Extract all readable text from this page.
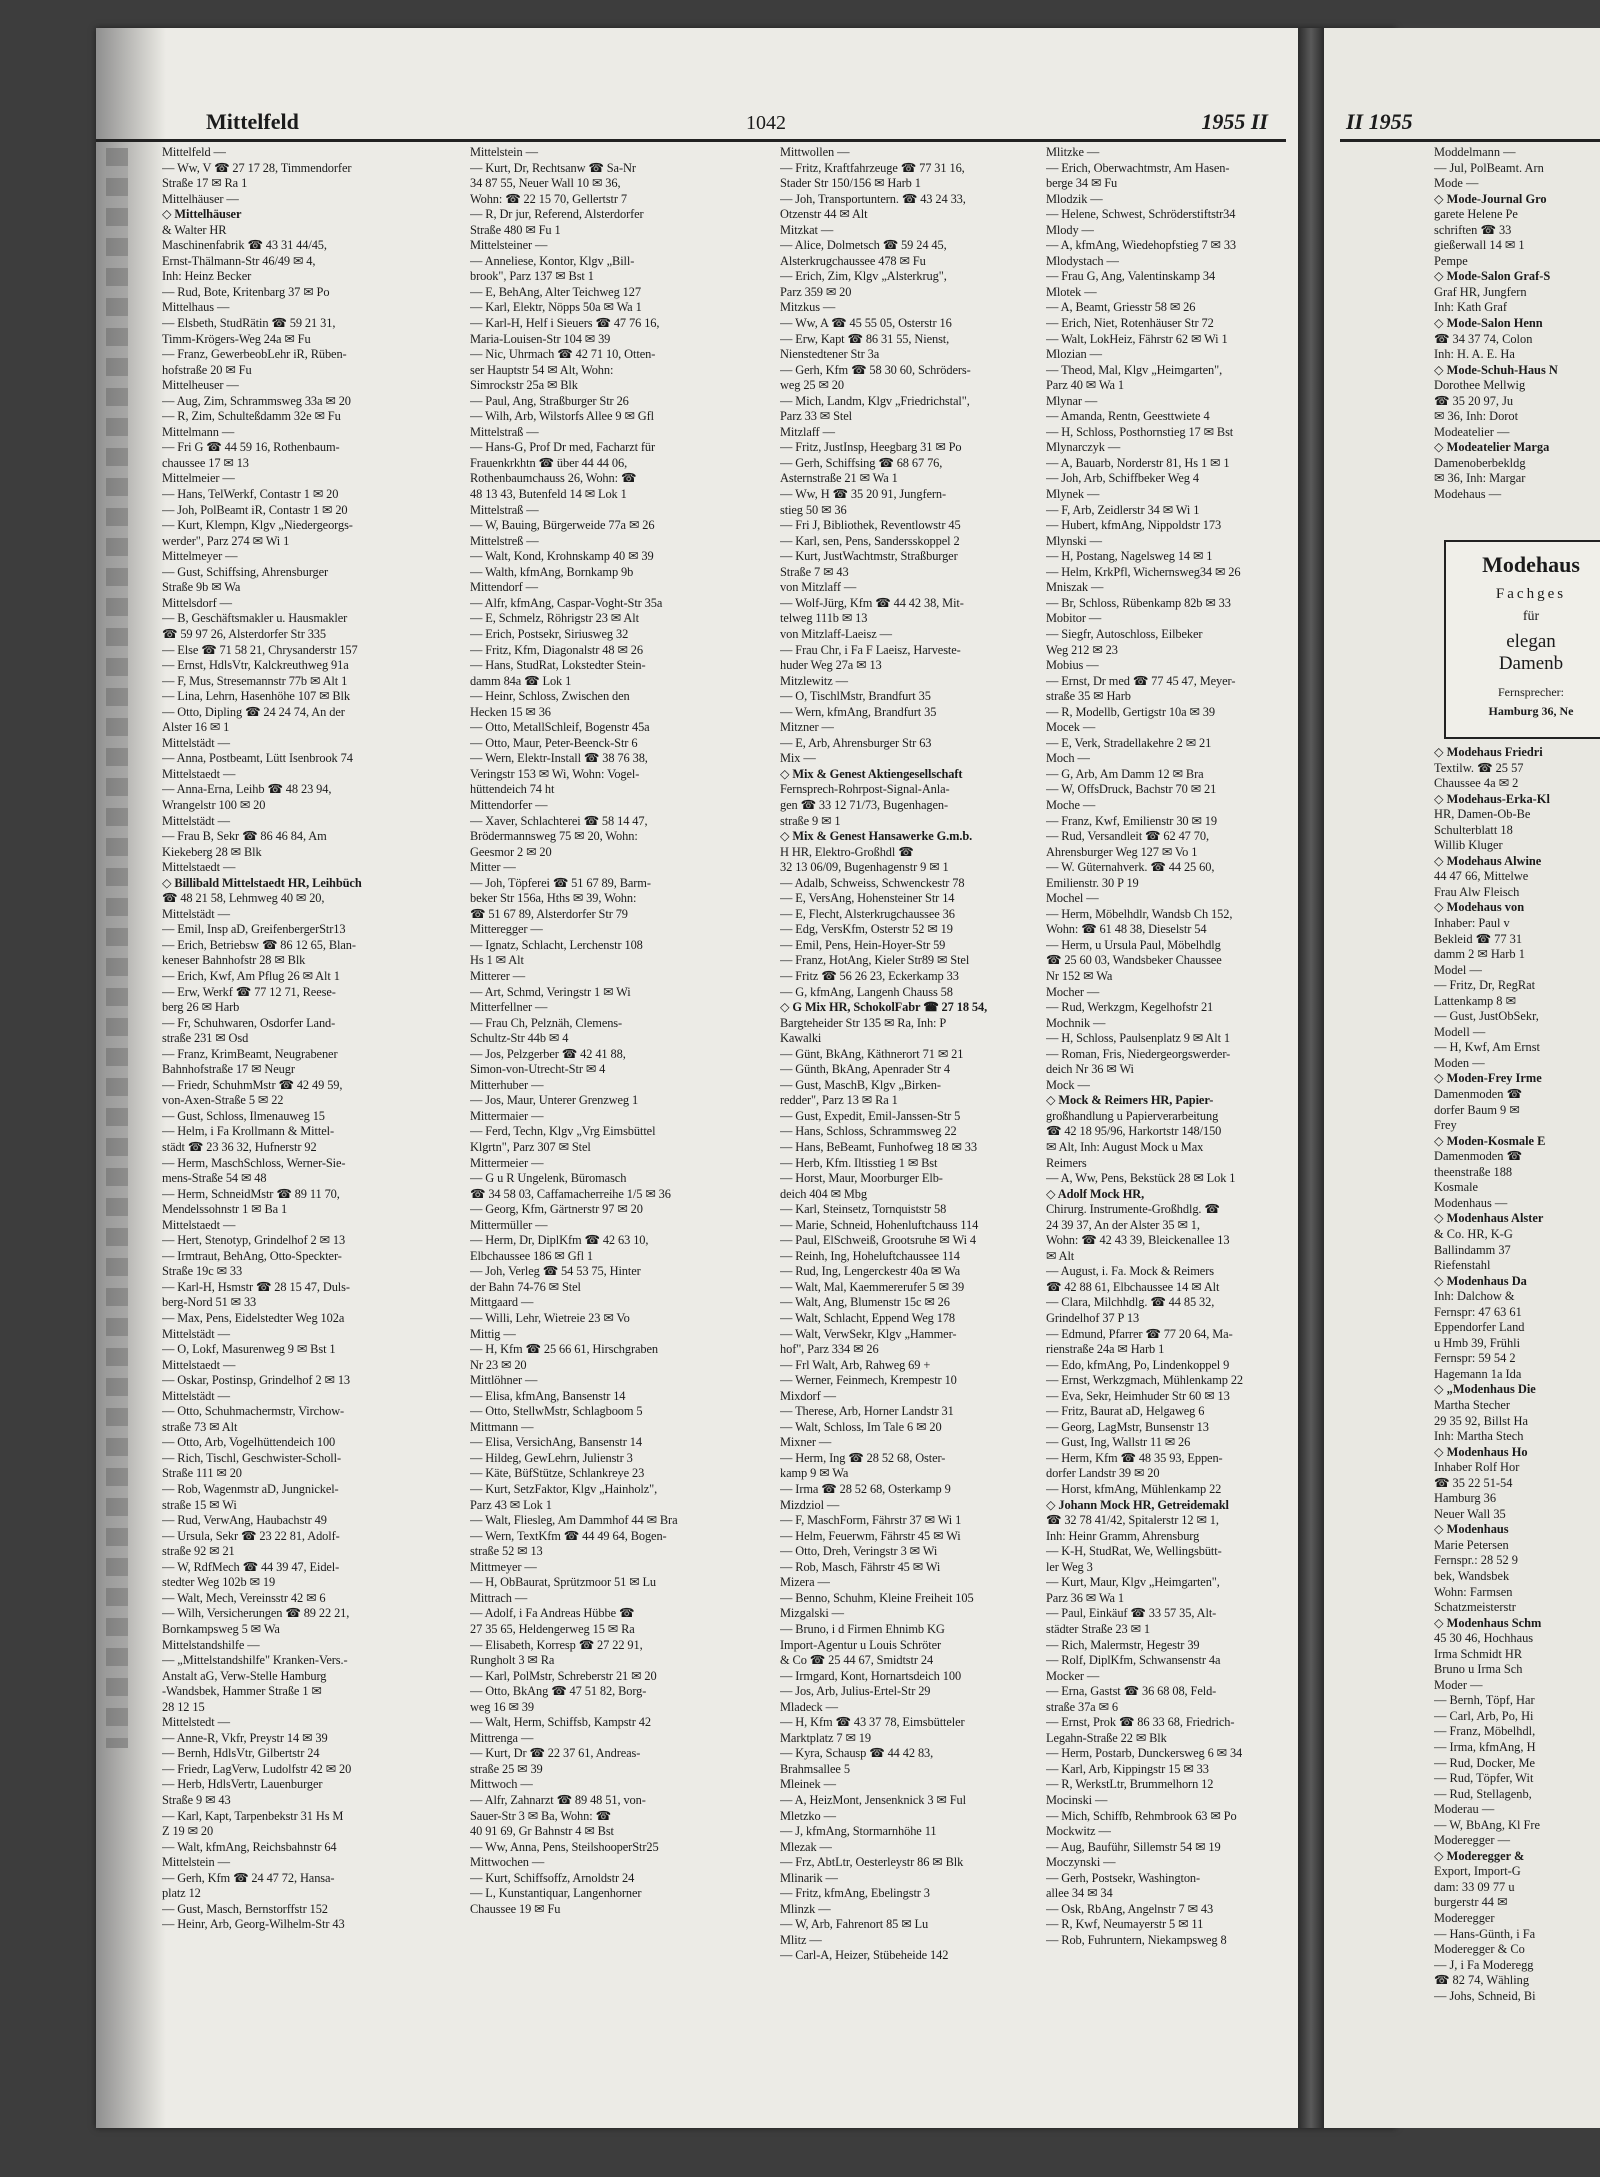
Mittelfeld	1042	1955 II
Mittelfeld —
— Ww, V ☎ 27 17 28, Timmendorfer
Straße 17 ✉ Ra 1
Mittelhäuser —
◇ Mittelhäuser
& Walter HR
Maschinenfabrik ☎ 43 31 44/45,
Ernst-Thälmann-Str 46/49 ✉ 4,
Inh: Heinz Becker
— Rud, Bote, Kritenbarg 37 ✉ Po
Mittelhaus —
— Elsbeth, StudRätin ☎ 59 21 31,
Timm-Krögers-Weg 24a ✉ Fu
— Franz, GewerbeobLehr iR, Rüben-
hofstraße 20 ✉ Fu
Mittelheuser —
— Aug, Zim, Schrammsweg 33a ✉ 20
— R, Zim, Schulteßdamm 32e ✉ Fu
Mittelmann —
— Fri G ☎ 44 59 16, Rothenbaum-
chaussee 17 ✉ 13
Mittelmeier —
— Hans, TelWerkf, Contastr 1 ✉ 20
— Joh, PolBeamt iR, Contastr 1 ✉ 20
— Kurt, Klempn, Klgv „Niedergeorgs-
werder", Parz 274 ✉ Wi 1
Mittelmeyer —
— Gust, Schiffsing, Ahrensburger
Straße 9b ✉ Wa
Mittelsdorf —
— B, Geschäftsmakler u. Hausmakler
☎ 59 97 26, Alsterdorfer Str 335
— Else ☎ 71 58 21, Chrysanderstr 157
— Ernst, HdlsVtr, Kalckreuthweg 91a
— F, Mus, Stresemannstr 77b ✉ Alt 1
— Lina, Lehrn, Hasenhöhe 107 ✉ Blk
— Otto, Dipling ☎ 24 24 74, An der
Alster 16 ✉ 1
Mittelstädt —
— Anna, Postbeamt, Lütt Isenbrook 74
Mittelstaedt —
— Anna-Erna, Leihb ☎ 48 23 94,
Wrangelstr 100 ✉ 20
Mittelstädt —
— Frau B, Sekr ☎ 86 46 84, Am
Kiekeberg 28 ✉ Blk
Mittelstaedt —
◇ Billibald Mittelstaedt HR, Leihbüch
☎ 48 21 58, Lehmweg 40 ✉ 20,
Mittelstädt —
— Emil, Insp aD, GreifenbergerStr13
— Erich, Betriebsw ☎ 86 12 65, Blan-
keneser Bahnhofstr 28 ✉ Blk
— Erich, Kwf, Am Pflug 26 ✉ Alt 1
— Erw, Werkf ☎ 77 12 71, Reese-
berg 26 ✉ Harb
— Fr, Schuhwaren, Osdorfer Land-
straße 231 ✉ Osd
— Franz, KrimBeamt, Neugrabener
Bahnhofstraße 17 ✉ Neugr
— Friedr, SchuhmMstr ☎ 42 49 59,
von-Axen-Straße 5 ✉ 22
— Gust, Schloss, Ilmenauweg 15
— Helm, i Fa Krollmann & Mittel-
städt ☎ 23 36 32, Hufnerstr 92
— Herm, MaschSchloss, Werner-Sie-
mens-Straße 54 ✉ 48
— Herm, SchneidMstr ☎ 89 11 70,
Mendelssohnstr 1 ✉ Ba 1
Mittelstaedt —
— Hert, Stenotyp, Grindelhof 2 ✉ 13
— Irmtraut, BehAng, Otto-Speckter-
Straße 19c ✉ 33
— Karl-H, Hsmstr ☎ 28 15 47, Duls-
berg-Nord 51 ✉ 33
— Max, Pens, Eidelstedter Weg 102a
Mittelstädt —
— O, Lokf, Masurenweg 9 ✉ Bst 1
Mittelstaedt —
— Oskar, Postinsp, Grindelhof 2 ✉ 13
Mittelstädt —
— Otto, Schuhmachermstr, Virchow-
straße 73 ✉ Alt
— Otto, Arb, Vogelhüttendeich 100
— Rich, Tischl, Geschwister-Scholl-
Straße 111 ✉ 20
— Rob, Wagenmstr aD, Jungnickel-
straße 15 ✉ Wi
— Rud, VerwAng, Haubachstr 49
— Ursula, Sekr ☎ 23 22 81, Adolf-
straße 92 ✉ 21
— W, RdfMech ☎ 44 39 47, Eidel-
stedter Weg 102b ✉ 19
— Walt, Mech, Vereinsstr 42 ✉ 6
— Wilh, Versicherungen ☎ 89 22 21,
Bornkampsweg 5 ✉ Wa
Mittelstandshilfe —
— „Mittelstandshilfe" Kranken-Vers.-
Anstalt aG, Verw-Stelle Hamburg
-Wandsbek, Hammer Straße 1 ✉
28 12 15
Mittelstedt —
— Anne-R, Vkfr, Preystr 14 ✉ 39
— Bernh, HdlsVtr, Gilbertstr 24
— Friedr, LagVerw, Ludolfstr 42 ✉ 20
— Herb, HdlsVertr, Lauenburger
Straße 9 ✉ 43
— Karl, Kapt, Tarpenbekstr 31 Hs M
Z 19 ✉ 20
— Walt, kfmAng, Reichsbahnstr 64
Mittelstein —
— Gerh, Kfm ☎ 24 47 72, Hansa-
platz 12
— Gust, Masch, Bernstorffstr 152
— Heinr, Arb, Georg-Wilhelm-Str 43
Mittelstein —
— Kurt, Dr, Rechtsanw ☎ Sa-Nr
34 87 55, Neuer Wall 10 ✉ 36,
Wohn: ☎ 22 15 70, Gellertstr 7
— R, Dr jur, Referend, Alsterdorfer
Straße 480 ✉ Fu 1
Mittelsteiner —
— Anneliese, Kontor, Klgv „Bill-
brook", Parz 137 ✉ Bst 1
— E, BehAng, Alter Teichweg 127
— Karl, Elektr, Nöpps 50a ✉ Wa 1
— Karl-H, Helf i Sieuers ☎ 47 76 16,
Maria-Louisen-Str 104 ✉ 39
— Nic, Uhrmach ☎ 42 71 10, Otten-
ser Hauptstr 54 ✉ Alt, Wohn:
Simrockstr 25a ✉ Blk
— Paul, Ang, Straßburger Str 26
— Wilh, Arb, Wilstorfs Allee 9 ✉ Gfl
Mittelstraß —
— Hans-G, Prof Dr med, Facharzt für
Frauenkrkhtn ☎ über 44 44 06,
Rothenbaumchauss 26, Wohn: ☎
48 13 43, Butenfeld 14 ✉ Lok 1
Mittelstraß —
— W, Bauing, Bürgerweide 77a ✉ 26
Mittelstreß —
— Walt, Kond, Krohnskamp 40 ✉ 39
— Walth, kfmAng, Bornkamp 9b
Mittendorf —
— Alfr, kfmAng, Caspar-Voght-Str 35a
— E, Schmelz, Röhrigstr 23 ✉ Alt
— Erich, Postsekr, Siriusweg 32
— Fritz, Kfm, Diagonalstr 48 ✉ 26
— Hans, StudRat, Lokstedter Stein-
damm 84a ☎ Lok 1
— Heinr, Schloss, Zwischen den
Hecken 15 ✉ 36
— Otto, MetallSchleif, Bogenstr 45a
— Otto, Maur, Peter-Beenck-Str 6
— Wern, Elektr-Install ☎ 38 76 38,
Veringstr 153 ✉ Wi, Wohn: Vogel-
hüttendeich 74 ht
Mittendorfer —
— Xaver, Schlachterei ☎ 58 14 47,
Brödermannsweg 75 ✉ 20, Wohn:
Geesmor 2 ✉ 20
Mitter —
— Joh, Töpferei ☎ 51 67 89, Barm-
beker Str 156a, Hths ✉ 39, Wohn:
☎ 51 67 89, Alsterdorfer Str 79
Mitteregger —
— Ignatz, Schlacht, Lerchenstr 108
Hs 1 ✉ Alt
Mitterer —
— Art, Schmd, Veringstr 1 ✉ Wi
Mitterfellner —
— Frau Ch, Pelznäh, Clemens-
Schultz-Str 44b ✉ 4
— Jos, Pelzgerber ☎ 42 41 88,
Simon-von-Utrecht-Str ✉ 4
Mitterhuber —
— Jos, Maur, Unterer Grenzweg 1
Mittermaier —
— Ferd, Techn, Klgv „Vrg Eimsbüttel
Klgrtn", Parz 307 ✉ Stel
Mittermeier —
— G u R Ungelenk, Büromasch
☎ 34 58 03, Caffamacherreihe 1/5 ✉ 36
— Georg, Kfm, Gärtnerstr 97 ✉ 20
Mittermüller —
— Herm, Dr, DiplKfm ☎ 42 63 10,
Elbchaussee 186 ✉ Gfl 1
— Joh, Verleg ☎ 54 53 75, Hinter
der Bahn 74-76 ✉ Stel
Mittgaard —
— Willi, Lehr, Wietreie 23 ✉ Vo
Mittig —
— H, Kfm ☎ 25 66 61, Hirschgraben
Nr 23 ✉ 20
Mittlöhner —
— Elisa, kfmAng, Bansenstr 14
— Otto, StellwMstr, Schlagboom 5
Mittmann —
— Elisa, VersichAng, Bansenstr 14
— Hildeg, GewLehrn, Julienstr 3
— Käte, BüfStütze, Schlankreye 23
— Kurt, SetzFaktor, Klgv „Hainholz",
Parz 43 ✉ Lok 1
— Walt, Fliesleg, Am Dammhof 44 ✉ Bra
— Wern, TextKfm ☎ 44 49 64, Bogen-
straße 52 ✉ 13
Mittmeyer —
— H, ObBaurat, Sprützmoor 51 ✉ Lu
Mittrach —
— Adolf, i Fa Andreas Hübbe ☎
27 35 65, Heldengerweg 15 ✉ Ra
— Elisabeth, Korresp ☎ 27 22 91,
Rungholt 3 ✉ Ra
— Karl, PolMstr, Schreberstr 21 ✉ 20
— Otto, BkAng ☎ 47 51 82, Borg-
weg 16 ✉ 39
— Walt, Herm, Schiffsb, Kampstr 42
Mittrenga —
— Kurt, Dr ☎ 22 37 61, Andreas-
straße 25 ✉ 39
Mittwoch —
— Alfr, Zahnarzt ☎ 89 48 51, von-
Sauer-Str 3 ✉ Ba, Wohn: ☎
40 91 69, Gr Bahnstr 4 ✉ Bst
— Ww, Anna, Pens, SteilshooperStr25
Mittwochen —
— Kurt, Schiffsoffz, Arnoldstr 24
— L, Kunstantiquar, Langenhorner
Chaussee 19 ✉ Fu
Mittwollen —
— Fritz, Kraftfahrzeuge ☎ 77 31 16,
Stader Str 150/156 ✉ Harb 1
— Joh, Transportuntern. ☎ 43 24 33,
Otzenstr 44 ✉ Alt
Mitzkat —
— Alice, Dolmetsch ☎ 59 24 45,
Alsterkrugchaussee 478 ✉ Fu
— Erich, Zim, Klgv „Alsterkrug",
Parz 359 ✉ 20
Mitzkus —
— Ww, A ☎ 45 55 05, Osterstr 16
— Erw, Kapt ☎ 86 31 55, Nienst,
Nienstedtener Str 3a
— Gerh, Kfm ☎ 58 30 60, Schröders-
weg 25 ✉ 20
— Mich, Landm, Klgv „Friedrichstal",
Parz 33 ✉ Stel
Mitzlaff —
— Fritz, JustInsp, Heegbarg 31 ✉ Po
— Gerh, Schiffsing ☎ 68 67 76,
Asternstraße 21 ✉ Wa 1
— Ww, H ☎ 35 20 91, Jungfern-
stieg 50 ✉ 36
— Fri J, Bibliothek, Reventlowstr 45
— Karl, sen, Pens, Sandersskoppel 2
— Kurt, JustWachtmstr, Straßburger
Straße 7 ✉ 43
von Mitzlaff —
— Wolf-Jürg, Kfm ☎ 44 42 38, Mit-
telweg 111b ✉ 13
von Mitzlaff-Laeisz —
— Frau Chr, i Fa F Laeisz, Harveste-
huder Weg 27a ✉ 13
Mitzlewitz —
— O, TischlMstr, Brandfurt 35
— Wern, kfmAng, Brandfurt 35
Mitzner —
— E, Arb, Ahrensburger Str 63
Mix —
◇ Mix & Genest Aktiengesellschaft
Fernsprech-Rohrpost-Signal-Anla-
gen ☎ 33 12 71/73, Bugenhagen-
straße 9 ✉ 1
◇ Mix & Genest Hansawerke G.m.b.
H HR, Elektro-Großhdl ☎
32 13 06/09, Bugenhagenstr 9 ✉ 1
— Adalb, Schweiss, Schwenckestr 78
— E, VersAng, Hohensteiner Str 14
— E, Flecht, Alsterkrugchaussee 36
— Edg, VersKfm, Osterstr 52 ✉ 19
— Emil, Pens, Hein-Hoyer-Str 59
— Franz, HotAng, Kieler Str89 ✉ Stel
— Fritz ☎ 56 26 23, Eckerkamp 33
— G, kfmAng, Langenh Chauss 58
◇ G Mix HR, SchokolFabr ☎ 27 18 54,
Bargteheider Str 135 ✉ Ra, Inh: P
Kawalki
— Günt, BkAng, Käthnerort 71 ✉ 21
— Günth, BkAng, Apenrader Str 4
— Gust, MaschB, Klgv „Birken-
redder", Parz 13 ✉ Ra 1
— Gust, Expedit, Emil-Janssen-Str 5
— Hans, Schloss, Schrammsweg 22
— Hans, BeBeamt, Funhofweg 18 ✉ 33
— Herb, Kfm. Iltisstieg 1 ✉ Bst
— Horst, Maur, Moorburger Elb-
deich 404 ✉ Mbg
— Karl, Steinsetz, Tornquiststr 58
— Marie, Schneid, Hohenluftchauss 114
— Paul, ElSchweiß, Grootsruhe ✉ Wi 4
— Reinh, Ing, Hoheluftchaussee 114
— Rud, Ing, Lengerckestr 40a ✉ Wa
— Walt, Mal, Kaemmererufer 5 ✉ 39
— Walt, Ang, Blumenstr 15c ✉ 26
— Walt, Schlacht, Eppend Weg 178
— Walt, VerwSekr, Klgv „Hammer-
hof", Parz 334 ✉ 26
— Frl Walt, Arb, Rahweg 69 +
— Werner, Feinmech, Krempestr 10
Mixdorf —
— Therese, Arb, Horner Landstr 31
— Walt, Schloss, Im Tale 6 ✉ 20
Mixner —
— Herm, Ing ☎ 28 52 68, Oster-
kamp 9 ✉ Wa
— Irma ☎ 28 52 68, Osterkamp 9
Mizdziol —
— F, MaschForm, Fährstr 37 ✉ Wi 1
— Helm, Feuerwm, Fährstr 45 ✉ Wi
— Otto, Dreh, Veringstr 3 ✉ Wi
— Rob, Masch, Fährstr 45 ✉ Wi
Mizera —
— Benno, Schuhm, Kleine Freiheit 105
Mizgalski —
— Bruno, i d Firmen Ehnimb KG
Import-Agentur u Louis Schröter
& Co ☎ 25 44 67, Smidtstr 24
— Irmgard, Kont, Hornartsdeich 100
— Jos, Arb, Julius-Ertel-Str 29
Mladeck —
— H, Kfm ☎ 43 37 78, Eimsbütteler
Marktplatz 7 ✉ 19
— Kyra, Schausp ☎ 44 42 83,
Brahmsallee 5
Mleinek —
— A, HeizMont, Jensenknick 3 ✉ Ful
Mletzko —
— J, kfmAng, Stormarnhöhe 11
Mlezak —
— Frz, AbtLtr, Oesterleystr 86 ✉ Blk
Mlinarik —
— Fritz, kfmAng, Ebelingstr 3
Mlinzk —
— W, Arb, Fahrenort 85 ✉ Lu
Mlitz —
— Carl-A, Heizer, Stübeheide 142
Mlitzke —
— Erich, Oberwachtmstr, Am Hasen-
berge 34 ✉ Fu
Mlodzik —
— Helene, Schwest, Schröderstiftstr34
Mlody —
— A, kfmAng, Wiedehopfstieg 7 ✉ 33
Mlodystach —
— Frau G, Ang, Valentinskamp 34
Mlotek —
— A, Beamt, Griesstr 58 ✉ 26
— Erich, Niet, Rotenhäuser Str 72
— Walt, LokHeiz, Fährstr 62 ✉ Wi 1
Mlozian —
— Theod, Mal, Klgv „Heimgarten",
Parz 40 ✉ Wa 1
Mlynar —
— Amanda, Rentn, Geesttwiete 4
— H, Schloss, Posthornstieg 17 ✉ Bst
Mlynarczyk —
— A, Bauarb, Norderstr 81, Hs 1 ✉ 1
— Joh, Arb, Schiffbeker Weg 4
Mlynek —
— F, Arb, Zeidlerstr 34 ✉ Wi 1
— Hubert, kfmAng, Nippoldstr 173
Mlynski —
— H, Postang, Nagelsweg 14 ✉ 1
— Helm, KrkPfl, Wichernsweg34 ✉ 26
Mniszak —
— Br, Schloss, Rübenkamp 82b ✉ 33
Mobitor —
— Siegfr, Autoschloss, Eilbeker
Weg 212 ✉ 23
Mobius —
— Ernst, Dr med ☎ 77 45 47, Meyer-
straße 35 ✉ Harb
— R, Modellb, Gertigstr 10a ✉ 39
Mocek —
— E, Verk, Stradellakehre 2 ✉ 21
Moch —
— G, Arb, Am Damm 12 ✉ Bra
— W, OffsDruck, Bachstr 70 ✉ 21
Moche —
— Franz, Kwf, Emilienstr 30 ✉ 19
— Rud, Versandleit ☎ 62 47 70,
Ahrensburger Weg 127 ✉ Vo 1
— W. Güternahverk. ☎ 44 25 60,
Emilienstr. 30 P 19
Mochel —
— Herm, Möbelhdlr, Wandsb Ch 152,
Wohn: ☎ 61 48 38, Dieselstr 54
— Herm, u Ursula Paul, Möbelhdlg
☎ 25 60 03, Wandsbeker Chaussee
Nr 152 ✉ Wa
Mocher —
— Rud, Werkzgm, Kegelhofstr 21
Mochnik —
— H, Schloss, Paulsenplatz 9 ✉ Alt 1
— Roman, Fris, Niedergeorgswerder-
deich Nr 36 ✉ Wi
Mock —
◇ Mock & Reimers HR, Papier-
großhandlung u Papierverarbeitung
☎ 42 18 95/96, Harkortstr 148/150
✉ Alt, Inh: August Mock u Max
Reimers
— A, Ww, Pens, Bekstück 28 ✉ Lok 1
◇ Adolf Mock HR,
Chirurg. Instrumente-Großhdlg. ☎
24 39 37, An der Alster 35 ✉ 1,
Wohn: ☎ 42 43 39, Bleickenallee 13
✉ Alt
— August, i. Fa. Mock & Reimers
☎ 42 88 61, Elbchaussee 14 ✉ Alt
— Clara, Milchhdlg. ☎ 44 85 32,
Grindelhof 37 P 13
— Edmund, Pfarrer ☎ 77 20 64, Ma-
rienstraße 24a ✉ Harb 1
— Edo, kfmAng, Po, Lindenkoppel 9
— Ernst, Werkzgmach, Mühlenkamp 22
— Eva, Sekr, Heimhuder Str 60 ✉ 13
— Fritz, Baurat aD, Helgaweg 6
— Georg, LagMstr, Bunsenstr 13
— Gust, Ing, Wallstr 11 ✉ 26
— Herm, Kfm ☎ 48 35 93, Eppen-
dorfer Landstr 39 ✉ 20
— Horst, kfmAng, Mühlenkamp 22
◇ Johann Mock HR, Getreidemakl
☎ 32 78 41/42, Spitalerstr 12 ✉ 1,
Inh: Heinr Gramm, Ahrensburg
— K-H, StudRat, We, Wellingsbütt-
ler Weg 3
— Kurt, Maur, Klgv „Heimgarten",
Parz 36 ✉ Wa 1
— Paul, Einkäuf ☎ 33 57 35, Alt-
städter Straße 23 ✉ 1
— Rich, Malermstr, Hegestr 39
— Rolf, DiplKfm, Schwansenstr 4a
Mocker —
— Erna, Gastst ☎ 36 68 08, Feld-
straße 37a ✉ 6
— Ernst, Prok ☎ 86 33 68, Friedrich-
Legahn-Straße 22 ✉ Blk
— Herm, Postarb, Dunckersweg 6 ✉ 34
— Karl, Arb, Kippingstr 15 ✉ 33
— R, WerkstLtr, Brummelhorn 12
Mocinski —
— Mich, Schiffb, Rehmbrook 63 ✉ Po
Mockwitz —
— Aug, Bauführ, Sillemstr 54 ✉ 19
Moczynski —
— Gerh, Postsekr, Washington-
allee 34 ✉ 34
— Osk, RbAng, Angelnstr 7 ✉ 43
— R, Kwf, Neumayerstr 5 ✉ 11
— Rob, Fuhruntern, Niekampsweg 8
II 1955
Moddelmann —
— Jul, PolBeamt. Arn
Mode —
◇ Mode-Journal Gro
garete Helene Pe
schriften ☎ 33
gießerwall 14 ✉ 1
Pempe
◇ Mode-Salon Graf-S
Graf HR, Jungfern
Inh: Kath Graf
◇ Mode-Salon Henn
☎ 34 37 74, Colon
Inh: H. A. E. Ha
◇ Mode-Schuh-Haus N
Dorothee Mellwig
☎ 35 20 97, Ju
✉ 36, Inh: Dorot
Modeatelier —
◇ Modeatelier Marga
Damenoberbekldg
✉ 36, Inh: Margar
Modehaus —
Modehaus
Fachges
für
elegan
Damenb
Fernsprecher:
Hamburg 36, Ne
◇ Modehaus Friedri
Textilw. ☎ 25 57
Chaussee 4a ✉ 2
◇ Modehaus-Erka-Kl
HR, Damen-Ob-Be
Schulterblatt 18
Willib Kluger
◇ Modehaus Alwine
44 47 66, Mittelwe
Frau Alw Fleisch
◇ Modehaus von
Inhaber: Paul v
Bekleid ☎ 77 31
damm 2 ✉ Harb 1
Model —
— Fritz, Dr, RegRat
Lattenkamp 8 ✉
— Gust, JustObSekr,
Modell —
— H, Kwf, Am Ernst
Moden —
◇ Moden-Frey Irme
Damenmoden ☎
dorfer Baum 9 ✉
Frey
◇ Moden-Kosmale E
Damenmoden ☎
theenstraße 188
Kosmale
Modenhaus —
◇ Modenhaus Alster
& Co. HR, K-G
Ballindamm 37
Riefenstahl
◇ Modenhaus Da
Inh: Dalchow &
Fernspr: 47 63 61
Eppendorfer Land
u Hmb 39, Frühli
Fernspr: 59 54 2
Hagemann 1a Ida
◇ „Modenhaus Die
Martha Stecher
29 35 92, Billst Ha
Inh: Martha Stech
◇ Modenhaus Ho
Inhaber Rolf Hor
☎ 35 22 51-54
Hamburg 36
Neuer Wall 35
◇ Modenhaus
Marie Petersen
Fernspr.: 28 52 9
bek, Wandsbek
Wohn: Farmsen
Schatzmeisterstr
◇ Modenhaus Schm
45 30 46, Hochhaus
Irma Schmidt HR
Bruno u Irma Sch
Moder —
— Bernh, Töpf, Har
— Carl, Arb, Po, Hi
— Franz, Möbelhdl,
— Irma, kfmAng, H
— Rud, Docker, Me
— Rud, Töpfer, Wit
— Rud, Stellagenb,
Moderau —
— W, BbAng, Kl Fre
Moderegger —
◇ Moderegger &
Export, Import-G
dam: 33 09 77 u
burgerstr 44 ✉
Moderegger
— Hans-Günth, i Fa
Moderegger & Co
— J, i Fa Moderegg
☎ 82 74, Wähling
— Johs, Schneid, Bi
